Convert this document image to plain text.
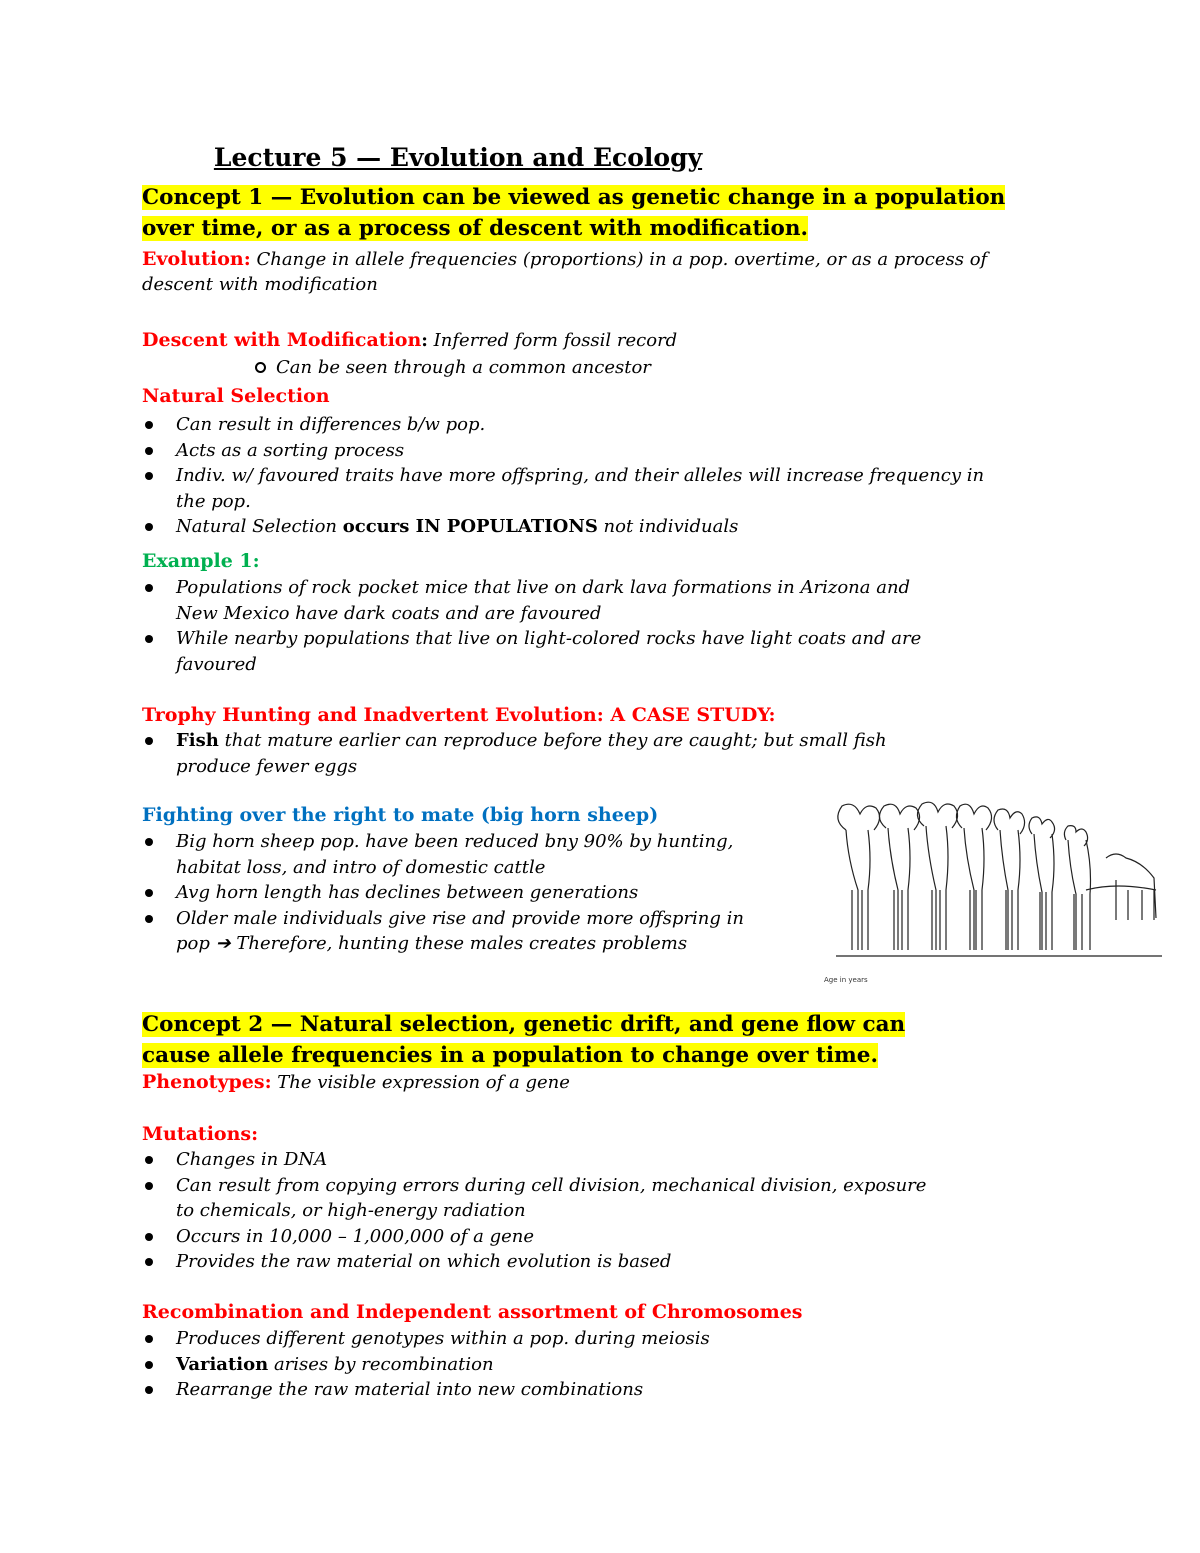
Lecture 5 — Evolution and Ecology
Concept 1 — Evolution can be viewed as genetic change in a population
over time, or as a process of descent with modification.
Evolution: Change in allele frequencies (proportions) in a pop. overtime, or as a process of
descent with modification
Descent with Modification: Inferred form fossil record
Can be seen through a common ancestor
Natural Selection
Can result in differences b/w pop.
Acts as a sorting process
Indiv. w/ favoured traits have more offspring, and their alleles will increase frequency in
the pop.
Natural Selection occurs IN POPULATIONS not individuals
Example 1:
Populations of rock pocket mice that live on dark lava formations in Arizona and
New Mexico have dark coats and are favoured
While nearby populations that live on light-colored rocks have light coats and are
favoured
Trophy Hunting and Inadvertent Evolution: A CASE STUDY:
Fish that mature earlier can reproduce before they are caught; but small fish
produce fewer eggs
Fighting over the right to mate (big horn sheep)
Big horn sheep pop. have been reduced bny 90% by hunting,
habitat loss, and intro of domestic cattle
Avg horn length has declines between generations
Older male individuals give rise and provide more offspring in
pop ➔ Therefore, hunting these males creates problems
Concept 2 — Natural selection, genetic drift, and gene flow can
cause allele frequencies in a population to change over time.
Phenotypes: The visible expression of a gene
Mutations:
Changes in DNA
Can result from copying errors during cell division, mechanical division, exposure
to chemicals, or high-energy radiation
Occurs in 10,000 – 1,000,000 of a gene
Provides the raw material on which evolution is based
Recombination and Independent assortment of Chromosomes
Produces different genotypes within a pop. during meiosis
Variation arises by recombination
Rearrange the raw material into new combinations
Age in years
